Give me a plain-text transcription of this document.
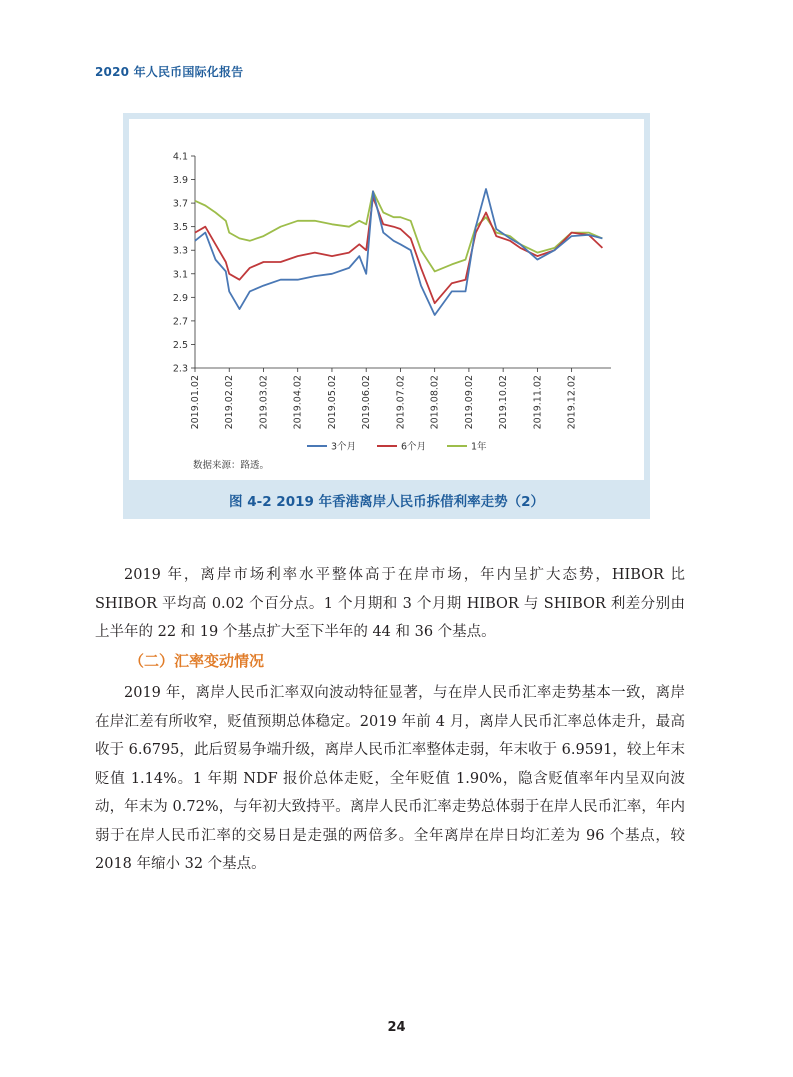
2020 年人民币国际化报告
4.1
3.9
3.7
3.5
3.3
3.1
2.9
2.7
2.5
2.3
2019.01.02 2019.02.02 2019.03.02 2019.04.02 2019.05.02 2019.06.02 2019.07.02 2019.08.02 2019.09.02 2019.10.02 2019.11.02 2019.12.02
3个月	6个月	1年
数据来源：路透。
图 4-2 2019 年香港离岸人民币拆借利率走势（2）
2019 年，离岸市场利率水平整体高于在岸市场，年内呈扩大态势，HIBOR 比 SHIBOR 平均高 0.02 个百分点。1 个月期和 3 个月期 HIBOR 与 SHIBOR 利差分别由上半年的 22 和 19 个基点扩大至下半年的 44 和 36 个基点。
（二）汇率变动情况
2019 年，离岸人民币汇率双向波动特征显著，与在岸人民币汇率走势基本一致，离岸在岸汇差有所收窄，贬值预期总体稳定。2019 年前 4 月，离岸人民币汇率总体走升，最高收于 6.6795，此后贸易争端升级，离岸人民币汇率整体走弱，年末收于 6.9591，较上年末贬值 1.14%。1 年期 NDF 报价总体走贬，全年贬值 1.90%，隐含贬值率年内呈双向波动，年末为 0.72%，与年初大致持平。离岸人民币汇率走势总体弱于在岸人民币汇率，年内弱于在岸人民币汇率的交易日是走强的两倍多。全年离岸在岸日均汇差为 96 个基点，较 2018 年缩小 32 个基点。
24
